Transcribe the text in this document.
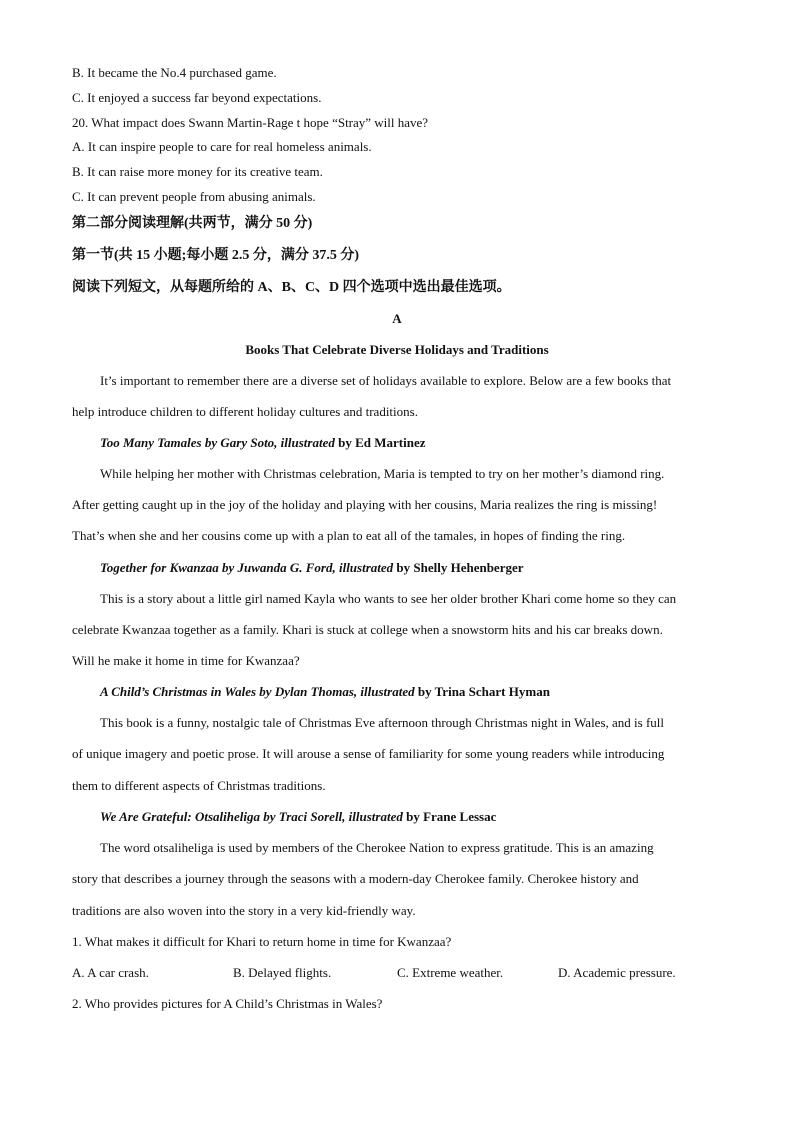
B. It became the No.4 purchased game.
C. It enjoyed a success far beyond expectations.
20. What impact does Swann Martin-Rage t hope “Stray” will have?
A. It can inspire people to care for real homeless animals.
B. It can raise more money for its creative team.
C. It can prevent people from abusing animals.
第二部分阅读理解(共两节，满分 50 分)
第一节(共 15 小题;每小题 2.5 分，满分 37.5 分)
阅读下列短文，从每题所给的 A、B、C、D 四个选项中选出最佳选项。
A
Books That Celebrate Diverse Holidays and Traditions
It’s important to remember there are a diverse set of holidays available to explore. Below are a few books that
help introduce children to different holiday cultures and traditions.
Too Many Tamales by Gary Soto, illustrated by Ed Martinez
While helping her mother with Christmas celebration, Maria is tempted to try on her mother’s diamond ring.
After getting caught up in the joy of the holiday and playing with her cousins, Maria realizes the ring is missing!
That’s when she and her cousins come up with a plan to eat all of the tamales, in hopes of finding the ring.
Together for Kwanzaa by Juwanda G. Ford, illustrated by Shelly Hehenberger
This is a story about a little girl named Kayla who wants to see her older brother Khari come home so they can
celebrate Kwanzaa together as a family. Khari is stuck at college when a snowstorm hits and his car breaks down.
Will he make it home in time for Kwanzaa?
A Child’s Christmas in Wales by Dylan Thomas, illustrated by Trina Schart Hyman
This book is a funny, nostalgic tale of Christmas Eve afternoon through Christmas night in Wales, and is full
of unique imagery and poetic prose. It will arouse a sense of familiarity for some young readers while introducing
them to different aspects of Christmas traditions.
We Are Grateful: Otsaliheliga by Traci Sorell, illustrated by Frane Lessac
The word otsaliheliga is used by members of the Cherokee Nation to express gratitude. This is an amazing
story that describes a journey through the seasons with a modern-day Cherokee family. Cherokee history and
traditions are also woven into the story in a very kid-friendly way.
1. What makes it difficult for Khari to return home in time for Kwanzaa?
A. A car crash.	B. Delayed flights.	C. Extreme weather.	D. Academic pressure.
2. Who provides pictures for A Child’s Christmas in Wales?
